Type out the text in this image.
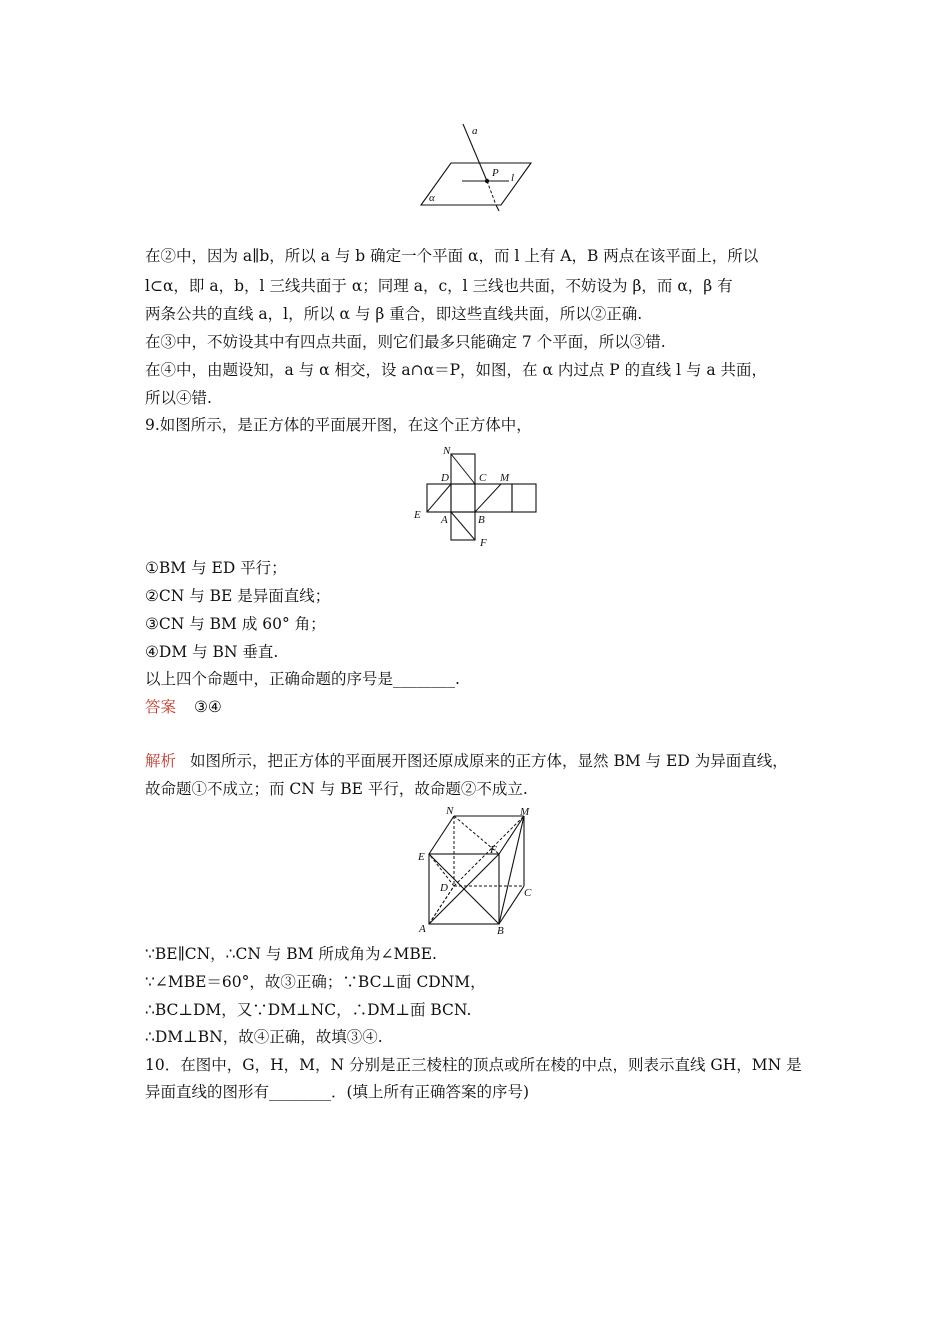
a
P l
α
在②中，因为 a∥b，所以 a 与 b 确定一个平面 α，而 l 上有 A，B 两点在该平面上，所以
l⊂α，即 a，b，l 三线共面于 α；同理 a，c，l 三线也共面，不妨设为 β，而 α，β 有
两条公共的直线 a，l，所以 α 与 β 重合，即这些直线共面，所以②正确.
在③中，不妨设其中有四点共面，则它们最多只能确定 7 个平面，所以③错.
在④中，由题设知，a 与 α 相交，设 a∩α＝P，如图，在 α 内过点 P 的直线 l 与 a 共面，
所以④错.
9.如图所示，是正方体的平面展开图，在这个正方体中，
N
D	C M
E A	B
F
①BM 与 ED 平行；
②CN 与 BE 是异面直线；
③CN 与 BM 成 60° 角；
④DM 与 BN 垂直.
以上四个命题中，正确命题的序号是________.
答案 ③④
解析 如图所示，把正方体的平面展开图还原成原来的正方体，显然 BM 与 ED 为异面直线，
故命题①不成立；而 CN 与 BE 平行，故命题②不成立.
N	M
E
F
D	C
A	B
∵BE∥CN，∴CN 与 BM 所成角为∠MBE.
∵∠MBE＝60°，故③正确；∵BC⊥面 CDNM，
∴BC⊥DM，又∵DM⊥NC，∴DM⊥面 BCN.
∴DM⊥BN，故④正确，故填③④.
10．在图中，G，H，M，N 分别是正三棱柱的顶点或所在棱的中点，则表示直线 GH，MN 是
异面直线的图形有________．(填上所有正确答案的序号)
